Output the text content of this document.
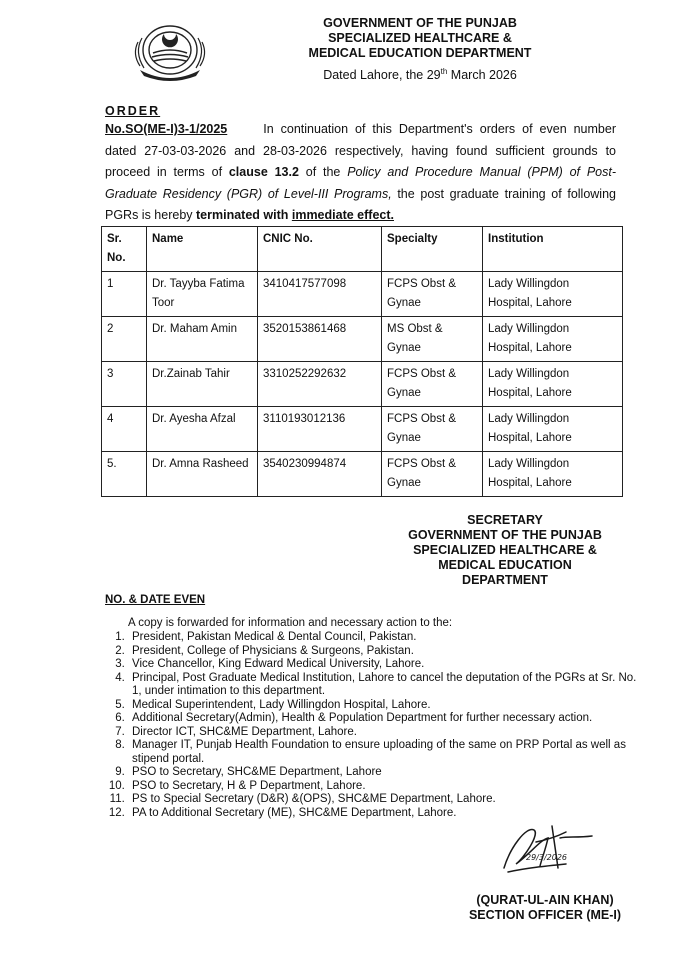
GOVERNMENT OF THE PUNJAB
SPECIALIZED HEALTHCARE &
MEDICAL EDUCATION DEPARTMENT
Dated Lahore, the 29th March 2026
ORDER
No.SO(ME-I)3-1/2025	In continuation of this Department's orders of even number dated 27-03-03-2026 and 28-03-2026 respectively, having found sufficient grounds to proceed in terms of clause 13.2 of the Policy and Procedure Manual (PPM) of Post-Graduate Residency (PGR) of Level-III Programs, the post graduate training of following PGRs is hereby terminated with immediate effect.
Sr. No.	Name	CNIC No.	Specialty	Institution
1	Dr. Tayyba Fatima Toor	3410417577098	FCPS Obst & Gynae	Lady Willingdon Hospital, Lahore
2	Dr. Maham Amin	3520153861468	MS Obst & Gynae	Lady Willingdon Hospital, Lahore
3	Dr.Zainab Tahir	3310252292632	FCPS Obst & Gynae	Lady Willingdon Hospital, Lahore
4	Dr. Ayesha Afzal	3110193012136	FCPS Obst & Gynae	Lady Willingdon Hospital, Lahore
5.	Dr. Amna Rasheed	3540230994874	FCPS Obst & Gynae	Lady Willingdon Hospital, Lahore
SECRETARY
GOVERNMENT OF THE PUNJAB
SPECIALIZED HEALTHCARE &
MEDICAL EDUCATION
DEPARTMENT
NO. & DATE EVEN
A copy is forwarded for information and necessary action to the:
1. President, Pakistan Medical & Dental Council, Pakistan.
2. President, College of Physicians & Surgeons, Pakistan.
3. Vice Chancellor, King Edward Medical University, Lahore.
4. Principal, Post Graduate Medical Institution, Lahore to cancel the deputation of the PGRs at Sr. No. 1, under intimation to this department.
5. Medical Superintendent, Lady Willingdon Hospital, Lahore.
6. Additional Secretary(Admin), Health & Population Department for further necessary action.
7. Director ICT, SHC&ME Department, Lahore.
8. Manager IT, Punjab Health Foundation to ensure uploading of the same on PRP Portal as well as stipend portal.
9. PSO to Secretary, SHC&ME Department, Lahore
10. PSO to Secretary, H & P Department, Lahore.
11. PS to Special Secretary (D&R) &(OPS), SHC&ME Department, Lahore.
12. PA to Additional Secretary (ME), SHC&ME Department, Lahore.
29/3/2026
(QURAT-UL-AIN KHAN)
SECTION OFFICER (ME-I)
